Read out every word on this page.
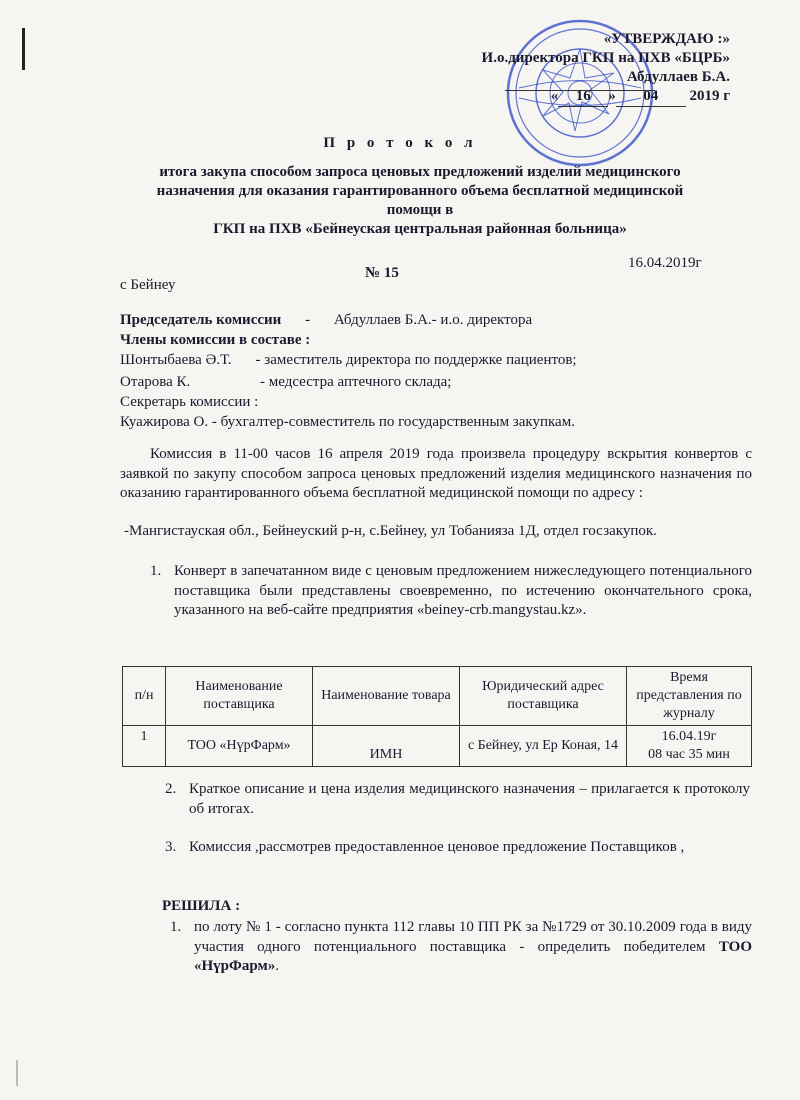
«УТВЕРЖДАЮ :»
И.о.директора ГКП на ПХВ «БЦРБ»
Абдуллаев Б.А.
« 16 » 04 2019 г
П р о т о к о л
итога закупа способом запроса ценовых предложений изделий медицинского
назначения для оказания гарантированного объема бесплатной медицинской
помощи в
ГКП на ПХВ «Бейнеуская центральная районная больница»
16.04.2019г
№ 15
с Бейнеу
Председатель комиссии - Абдуллаев Б.А.- и.о. директора
Члены комиссии в составе :
Шонтыбаева Ә.Т. - заместитель директора по поддержке пациентов;
Отарова К.	- медсестра аптечного склада;
Секретарь комиссии :
Куажирова О. - бухгалтер-совместитель по государственным закупкам.
Комиссия в 11-00 часов 16 апреля 2019 года произвела процедуру вскрытия конвертов с заявкой по закупу способом запроса ценовых предложений изделия медицинского назначения по оказанию гарантированного объема бесплатной медицинской помощи по адресу :
-Мангистауская обл., Бейнеуский р-н, с.Бейнеу, ул Тобанияза 1Д, отдел госзакупок.
1. Конверт в запечатанном виде с ценовым предложением нижеследующего потенциального поставщика были представлены своевременно, по истечению окончательного срока, указанного на веб-сайте предприятия «beiney-crb.mangystau.kz».
п/н	Наименование поставщика	Наименование товара	Юридический адрес поставщика	Время представления по журналу
1	ТОО «НүрФарм»	ИМН	с Бейнеу, ул Ер Коная, 14	16.04.19г
08 час 35 мин
2. Краткое описание и цена изделия медицинского назначения – прилагается к протоколу об итогах.
3. Комиссия ,рассмотрев предоставленное ценовое предложение Поставщиков ,
РЕШИЛА :
1. по лоту № 1 - согласно пункта 112 главы 10 ПП РК за №1729 от 30.10.2009 года в виду участия одного потенциального поставщика - определить победителем ТОО «НүрФарм».
